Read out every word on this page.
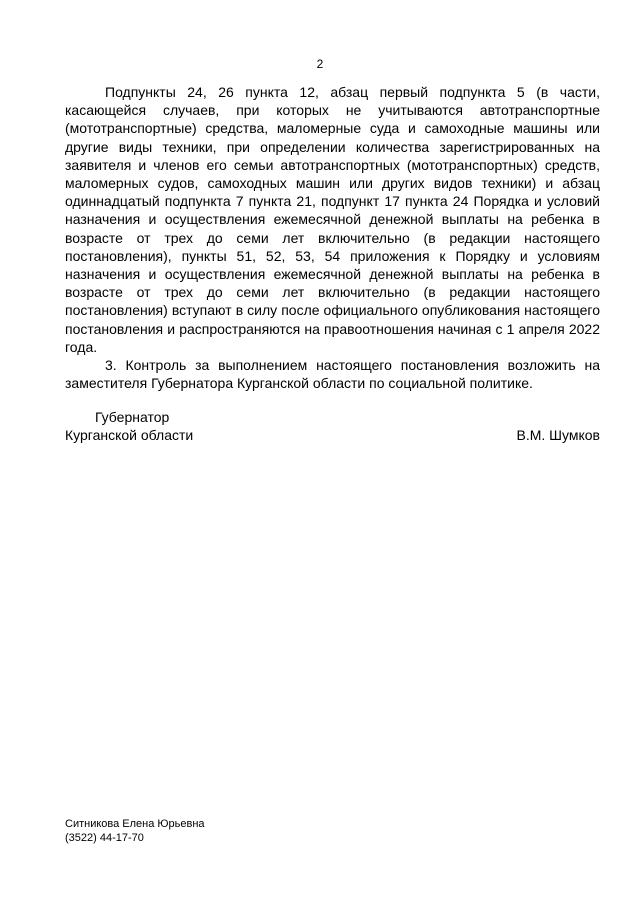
2

Подпункты 24, 26 пункта 12, абзац первый подпункта 5 (в части, касающейся случаев, при которых не учитываются автотранспортные (мототранспортные) средства, маломерные суда и самоходные машины или другие виды техники, при определении количества зарегистрированных на заявителя и членов его семьи автотранспортных (мототранспортных) средств, маломерных судов, самоходных машин или других видов техники) и абзац одиннадцатый подпункта 7 пункта 21, подпункт 17 пункта 24 Порядка и условий назначения и осуществления ежемесячной денежной выплаты на ребенка в возрасте от трех до семи лет включительно (в редакции настоящего постановления), пункты 51, 52, 53, 54 приложения к Порядку и условиям назначения и осуществления ежемесячной денежной выплаты на ребенка в возрасте от трех до семи лет включительно (в редакции настоящего постановления) вступают в силу после официального опубликования настоящего постановления и распространяются на правоотношения начиная с 1 апреля 2022 года.

3. Контроль за выполнением настоящего постановления возложить на заместителя Губернатора Курганской области по социальной политике.

Губернатор
Курганской области	В.М. Шумков
Ситникова Елена Юрьевна
(3522) 44-17-70
